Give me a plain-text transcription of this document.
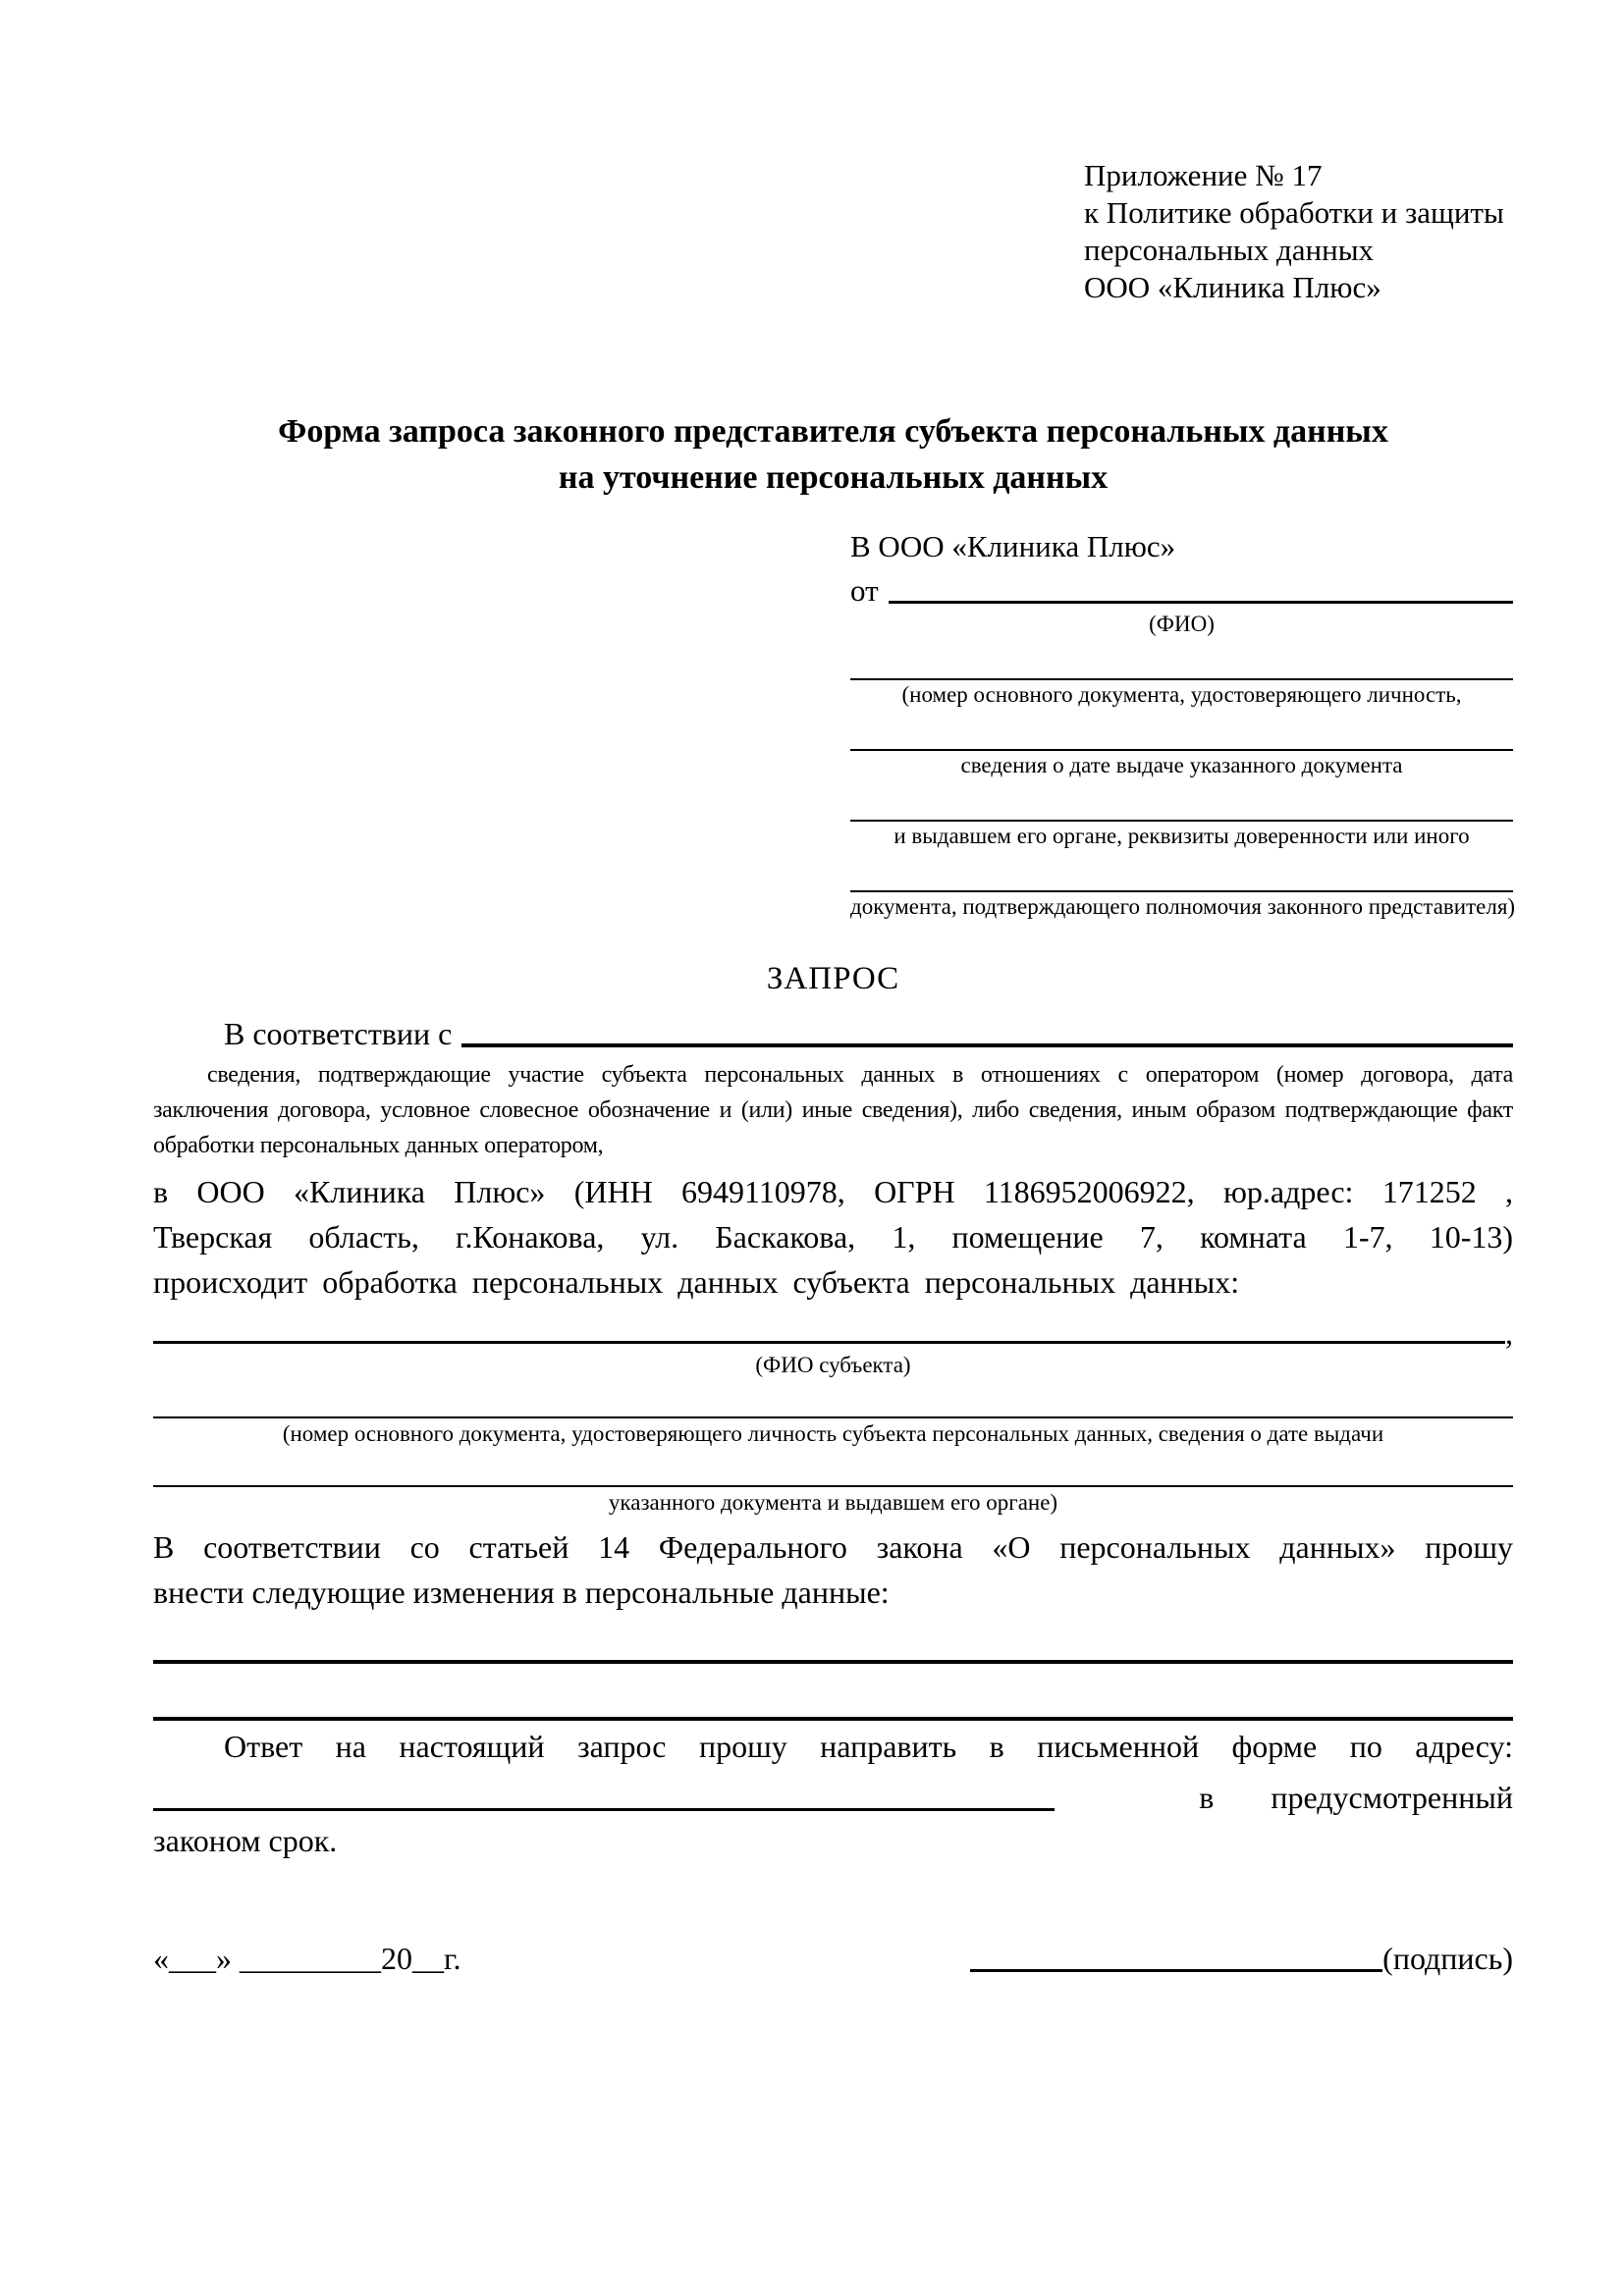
Приложение № 17
к Политике обработки и защиты
персональных данных
ООО «Клиника Плюс»
Форма запроса законного представителя субъекта персональных данных
на уточнение персональных данных
В ООО «Клиника Плюс»
от
(ФИО)
(номер основного документа, удостоверяющего личность,
сведения о дате выдаче указанного документа
и выдавшем его органе, реквизиты доверенности или иного
документа, подтверждающего полномочия законного представителя)
ЗАПРОС
В соответствии с
сведения, подтверждающие участие субъекта персональных данных в отношениях с оператором (номер договора, дата
заключения договора, условное словесное обозначение и (или) иные сведения), либо сведения, иным образом подтверждающие факт
обработки персональных данных оператором,
в ООО «Клиника Плюс» (ИНН 6949110978, ОГРН 1186952006922, юр.адрес: 171252 ,
Тверская область, г.Конакова, ул. Баскакова, 1, помещение 7, комната 1-7, 10-13)
происходит обработка персональных данных субъекта персональных данных:
,
(ФИО субъекта)
(номер основного документа, удостоверяющего личность субъекта персональных данных, сведения о дате выдачи
указанного документа и выдавшем его органе)
В соответствии со статьей 14 Федерального закона «О персональных данных» прошу
внести следующие изменения в персональные данные:
Ответ на настоящий запрос прошу направить в письменной форме по адресу:
в предусмотренный
законом срок.
«___» _________20__г.	(подпись)
